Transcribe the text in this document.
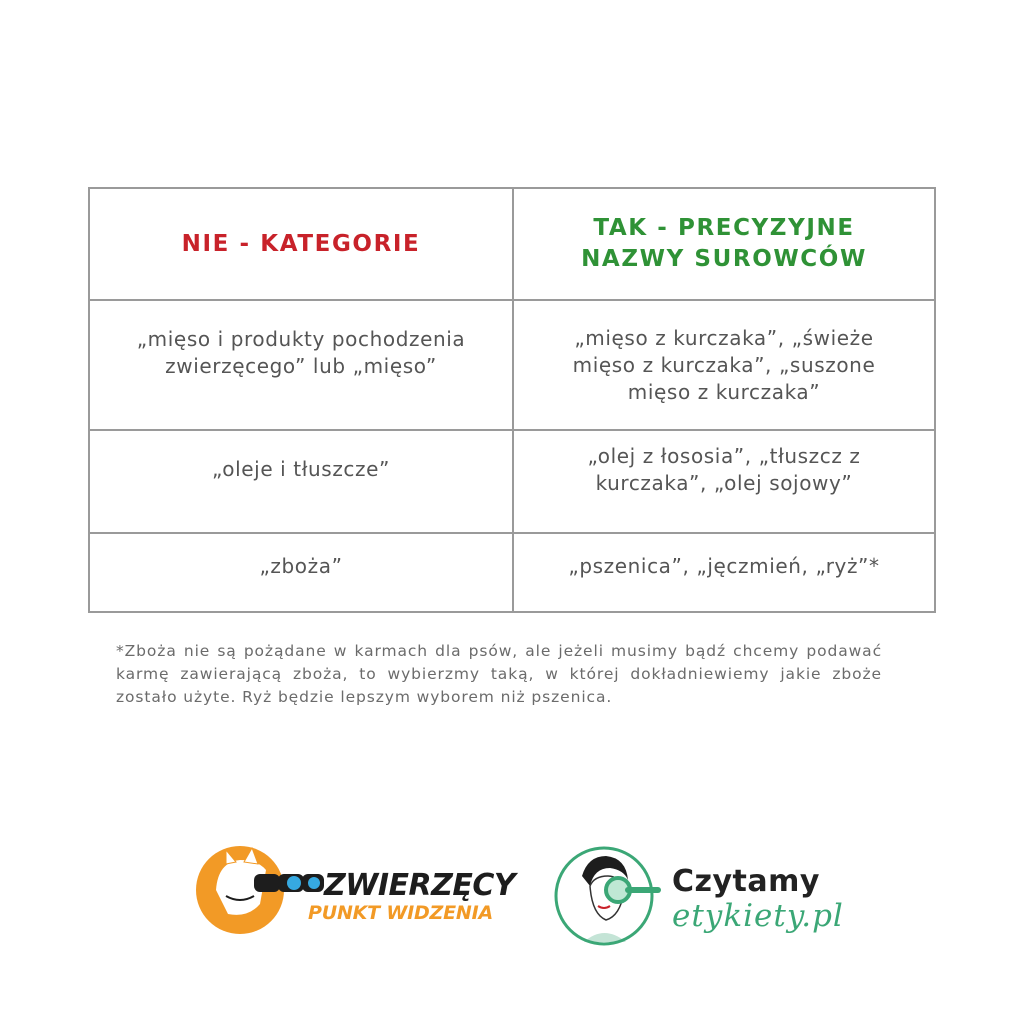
NIE - KATEGORIE	TAK - PRECYZYJNE
NAZWY SUROWCÓW

„mięso i produkty pochodzenia zwierzęcego” lub „mięso”	„mięso z kurczaka”, „świeże mięso z kurczaka”, „suszone mięso z kurczaka”

„oleje i tłuszcze”	„olej z łososia”, „tłuszcz z kurczaka”, „olej sojowy”

„zboża”	„pszenica”, „jęczmień, „ryż”*
*Zboża nie są pożądane w karmach dla psów, ale jeżeli musimy bądź chcemy podawać karmę zawierającą zboża, to wybierzmy taką, w której dokładniewiemy jakie zboże zostało użyte. Ryż będzie lepszym wyborem niż pszenica.
ZWIERZĘCY
PUNKT WIDZENIA
Czytamy
etykiety.pl
